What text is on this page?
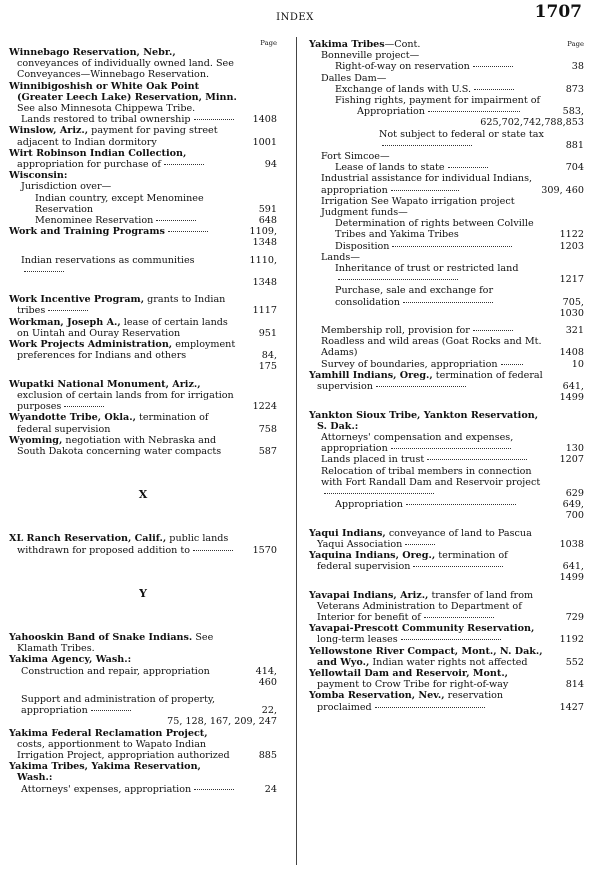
INDEX	1707
Page
Winnebago Reservation, Nebr., conveyances of individually owned land. See Conveyances—Winnebago Reservation.
Winnibigoshish or White Oak Point (Greater Leech Lake) Reservation, Minn. See also Minnesota Chippewa Tribe.
Lands restored to tribal ownership	1408
Winslow, Ariz., payment for paving street adjacent to Indian dormitory	1001
Wirt Robinson Indian Collection, appropriation for purchase of	94
Wisconsin:
Jurisdiction over—
Indian country, except Menominee Reservation	591
Menominee Reservation	648
Work and Training Programs	1109,
1348
Indian reservations as communities	1110,
1348
Work Incentive Program, grants to Indian tribes	1117
Workman, Joseph A., lease of certain lands on Uintah and Ouray Reservation	951
Work Projects Administration, employment preferences for Indians and others	84,
175
Wupatki National Monument, Ariz., exclusion of certain lands from for irrigation purposes	1224
Wyandotte Tribe, Okla., termination of federal supervision	758
Wyoming, negotiation with Nebraska and South Dakota concerning water compacts	587
X
XL Ranch Reservation, Calif., public lands withdrawn for proposed addition to	1570
Y
Yahooskin Band of Snake Indians. See Klamath Tribes.
Yakima Agency, Wash.:
Construction and repair, appropriation	414,
460
Support and administration of property, appropriation	22,
75, 128, 167, 209, 247
Yakima Federal Reclamation Project, costs, apportionment to Wapato Indian Irrigation Project, appropriation authorized	885
Yakima Tribes, Yakima Reservation, Wash.:
Attorneys' expenses, appropriation	24
Yakima Tribes—Cont.	Page
Bonneville project—
Right-of-way on reservation	38
Dalles Dam—
Exchange of lands with U.S.	873
Fishing rights, payment for impairment of
Appropriation	583,
625,702,742,788,853
Not subject to federal or state tax
881
Fort Simcoe—
Lease of lands to state	704
Industrial assistance for individual Indians, appropriation	309, 460
Irrigation See Wapato irrigation project
Judgment funds—
Determination of rights between Colville Tribes and Yakima Tribes	1122
Disposition	1203
Lands—
Inheritance of trust or restricted land
1217
Purchase, sale and exchange for consolidation	705,
1030
Membership roll, provision for	321
Roadless and wild areas (Goat Rocks and Mt. Adams)	1408
Survey of boundaries, appropriation	10
Yamhill Indians, Oreg., termination of federal supervision	641,
1499
Yankton Sioux Tribe, Yankton Reservation, S. Dak.:
Attorneys' compensation and expenses, appropriation	130
Lands placed in trust	1207
Relocation of tribal members in connection with Fort Randall Dam and Reservoir project
629
Appropriation	649,
700
Yaqui Indians, conveyance of land to Pascua Yaqui Association	1038
Yaquina Indians, Oreg., termination of federal supervision	641,
1499
Yavapai Indians, Ariz., transfer of land from Veterans Administration to Department of Interior for benefit of	729
Yavapai-Prescott Community Reservation, long-term leases	1192
Yellowstone River Compact, Mont., N. Dak., and Wyo., Indian water rights not affected	552
Yellowtail Dam and Reservoir, Mont., payment to Crow Tribe for right-of-way	814
Yomba Reservation, Nev., reservation proclaimed	1427
